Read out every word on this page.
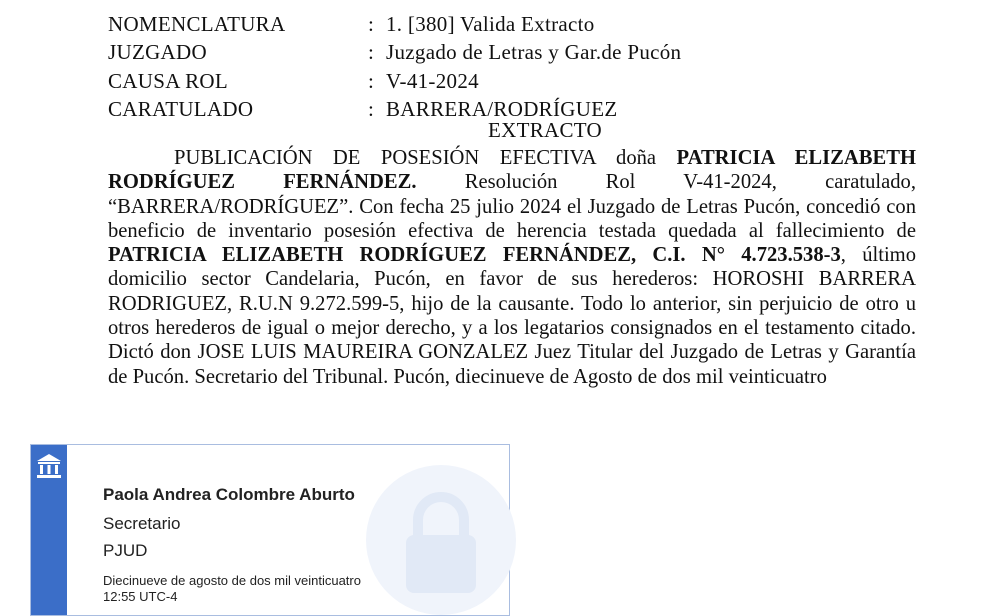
NOMENCLATURA	: 1. [380] Valida Extracto
JUZGADO	: Juzgado de Letras y Gar.de Pucón
CAUSA ROL	: V-41-2024
CARATULADO	: BARRERA/RODRÍGUEZ
EXTRACTO
PUBLICACIÓN DE POSESIÓN EFECTIVA doña PATRICIA ELIZABETH RODRÍGUEZ FERNÁNDEZ. Resolución Rol V-41-2024, caratulado, “BARRERA/RODRÍGUEZ”. Con fecha 25 julio 2024 el Juzgado de Letras Pucón, concedió con beneficio de inventario posesión efectiva de herencia testada quedada al fallecimiento de PATRICIA ELIZABETH RODRÍGUEZ FERNÁNDEZ, C.I. N° 4.723.538-3, último domicilio sector Candelaria, Pucón, en favor de sus herederos: HOROSHI BARRERA RODRIGUEZ, R.U.N 9.272.599-5, hijo de la causante. Todo lo anterior, sin perjuicio de otro u otros herederos de igual o mejor derecho, y a los legatarios consignados en el testamento citado. Dictó don JOSE LUIS MAUREIRA GONZALEZ Juez Titular del Juzgado de Letras y Garantía de Pucón. Secretario del Tribunal. Pucón, diecinueve de Agosto de dos mil veinticuatro
Paola Andrea Colombre Aburto
Secretario
PJUD
Diecinueve de agosto de dos mil veinticuatro
12:55 UTC-4
